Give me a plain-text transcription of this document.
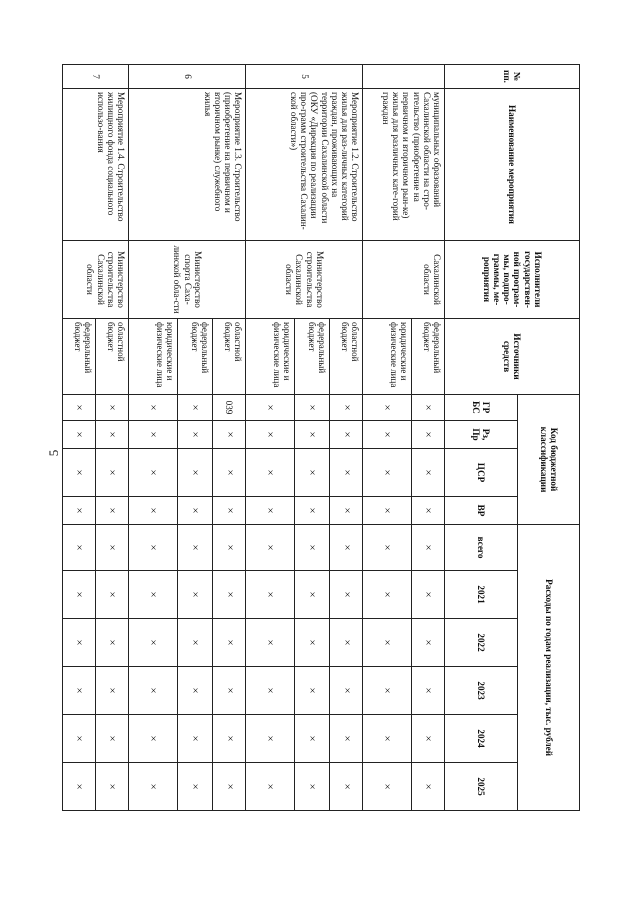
5
№ пп.	Наименование мероприятия	Исполнители государствен-ной програм-мы, подпро-граммы, ме-роприятия	Источники средств	Код бюджетной классификации				Расходы по годам реализации, тыс. рублей					
				ГР БС	Рз, Пр	ЦСР	ВР	всего	2021	2022	2023	2024	2025
	муниципальных образований Сахалинской области на стро-ительство (приобретение на первичном и вторичном рын-ке) жилья для различных кате-горий граждан	Сахалинской области	федеральный бюджет	×	×	×	×	×	×	×	×	×	×
			юридические и физические лица	×	×	×	×	×	×	×	×	×	×
5	Мероприятие 1.2. Строительство жилья для раз-личных категорий граждан, проживающих на территории Сахалинской области (ОКУ «Дирекция по реализации про-грамм строительства Сахалин-ской области»)	Министерство строительства Сахалинской области	областной бюджет	×	×	×	×	×	×	×	×	×	×
			федеральный бюджет	×	×	×	×	×	×	×	×	×	×
			юридические и физические лица	×	×	×	×	×	×	×	×	×	×
6	Мероприятие 1.3. Строительство (приобретение на первичном и вторичном рынке) служебного жилья	Министерство спорта Саха-линской обла-сти	областной бюджет	039	×	×	×	×	×	×	×	×	×
			федеральный бюджет	×	×	×	×	×	×	×	×	×	×
			юридические и физические лица	×	×	×	×	×	×	×	×	×	×
7	Мероприятие 1.4. Строительство жилищного фонда социального использо-вания	Министерство строительства Сахалинской области	областной бюджет	×	×	×	×	×	×	×	×	×	×
			федеральный бюджет	×	×	×	×	×	×	×	×	×	×
